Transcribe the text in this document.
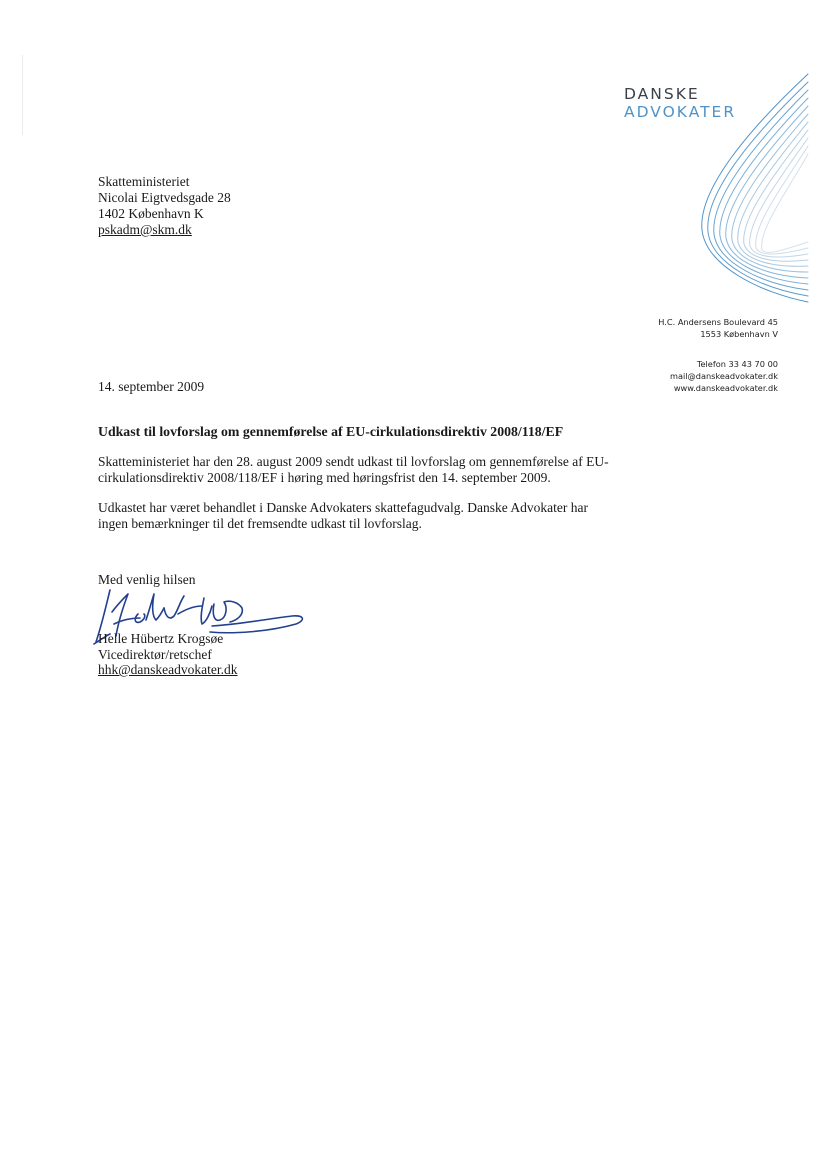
DANSKE
ADVOKATER
H.C. Andersens Boulevard 45
1553 København V
Telefon 33 43 70 00
mail@danskeadvokater.dk
www.danskeadvokater.dk
Skatteministeriet
Nicolai Eigtvedsgade 28
1402 København K
pskadm@skm.dk
14. september 2009
Udkast til lovforslag om gennemførelse af EU-cirkulationsdirektiv 2008/118/EF

Skatteministeriet har den 28. august 2009 sendt udkast til lovforslag om gennemførelse af EU-
cirkulationsdirektiv 2008/118/EF i høring med høringsfrist den 14. september 2009.

Udkastet har været behandlet i Danske Advokaters skattefagudvalg. Danske Advokater har
ingen bemærkninger til det fremsendte udkast til lovforslag.

Med venlig hilsen
Helle Hübertz Krogsøe
Vicedirektør/retschef
hhk@danskeadvokater.dk
